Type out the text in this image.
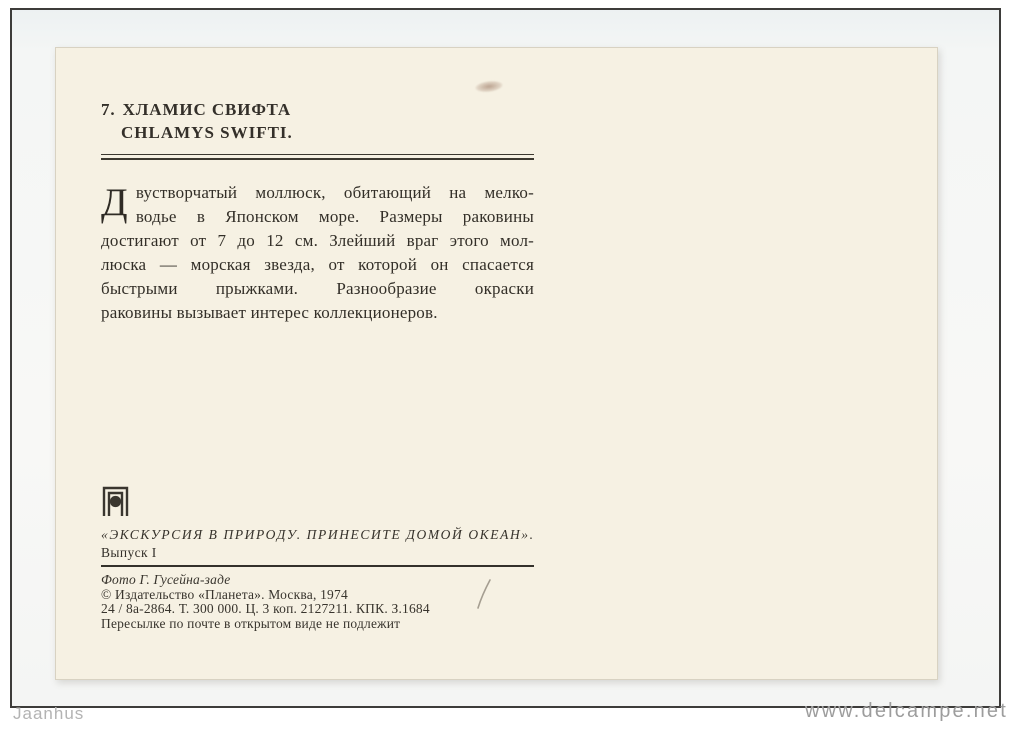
7. ХЛАМИС СВИФТА
CHLAMYS SWIFTI.
Д вустворчатый моллюск, обитающий на мелко-
водье в Японском море. Размеры раковины
достигают от 7 до 12 см. Злейший враг этого мол-
люска — морская звезда, от которой он спасается
быстрыми прыжками. Разнообразие окраски
раковины вызывает интерес коллекционеров.
«ЭКСКУРСИЯ В ПРИРОДУ. ПРИНЕСИТЕ ДОМОЙ ОКЕАН».
Выпуск I
Фото Г. Гусейна-заде
© Издательство «Планета». Москва, 1974
24 / 8а-2864. Т. 300 000. Ц. 3 коп. 2127211. КПК. З.1684
Пересылке по почте в открытом виде не подлежит
Jaanhus	www.delcampe.net
